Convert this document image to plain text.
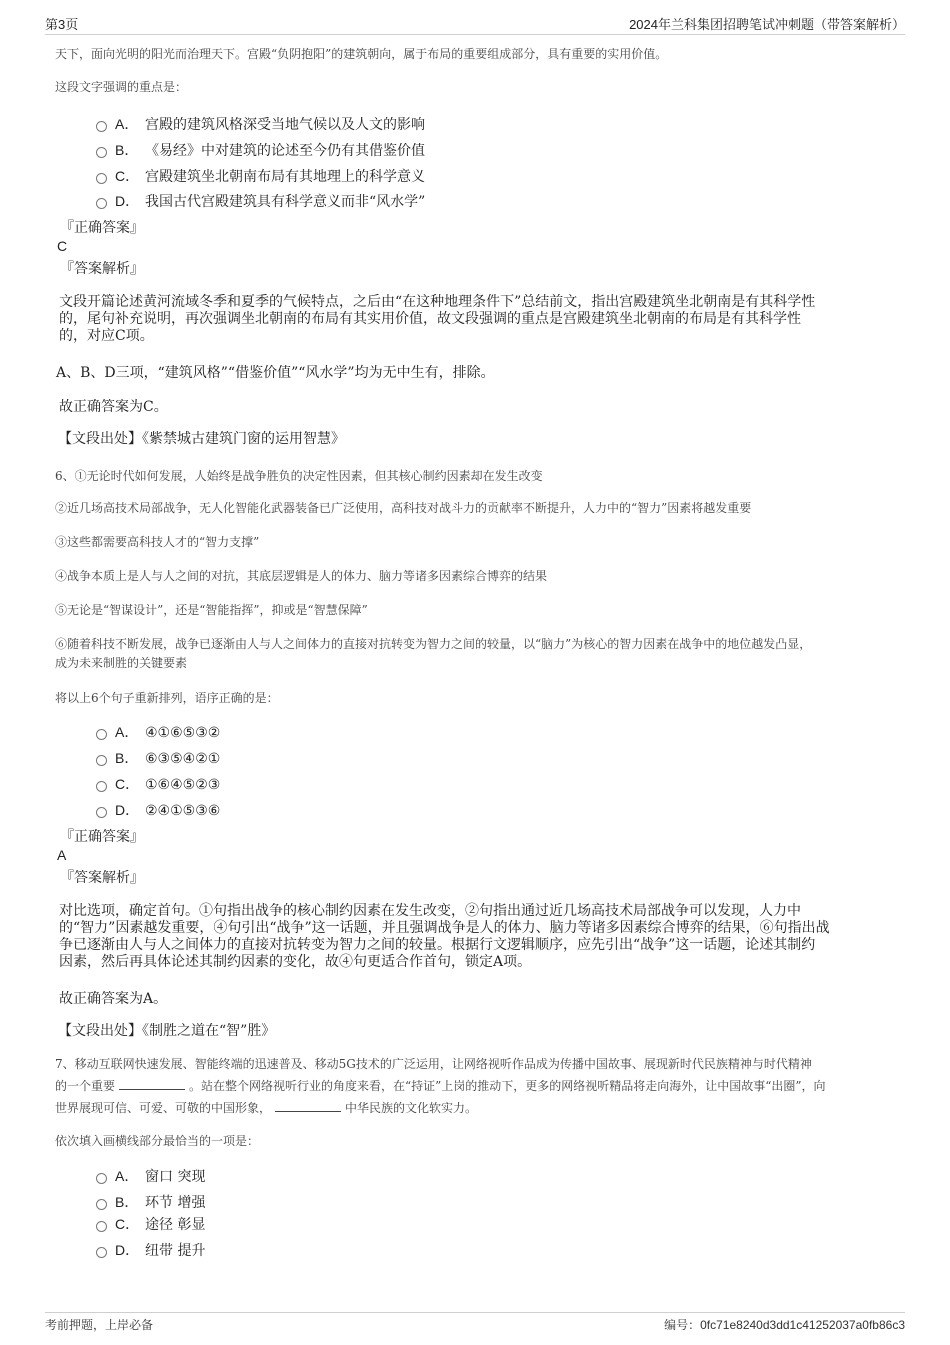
第3页	2024年兰科集团招聘笔试冲刺题（带答案解析）
天下，面向光明的阳光而治理天下。宫殿“负阴抱阳”的建筑朝向，属于布局的重要组成部分，具有重要的实用价值。
这段文字强调的重点是：
A． 宫殿的建筑风格深受当地气候以及人文的影响
B． 《易经》中对建筑的论述至今仍有其借鉴价值
C． 宫殿建筑坐北朝南布局有其地理上的科学意义
D． 我国古代宫殿建筑具有科学意义而非“风水学”
『正确答案』
C
『答案解析』
文段开篇论述黄河流域冬季和夏季的气候特点，之后由“在这种地理条件下”总结前文，指出宫殿建筑坐北朝南是有其科学性
的，尾句补充说明，再次强调坐北朝南的布局有其实用价值，故文段强调的重点是宫殿建筑坐北朝南的布局是有其科学性
的，对应C项。
A、B、D三项，“建筑风格”“借鉴价值”“风水学”均为无中生有，排除。
故正确答案为C。
【文段出处】《紫禁城古建筑门窗的运用智慧》
6、①无论时代如何发展，人始终是战争胜负的决定性因素，但其核心制约因素却在发生改变
②近几场高技术局部战争，无人化智能化武器装备已广泛使用，高科技对战斗力的贡献率不断提升，人力中的“智力”因素将越发重要
③这些都需要高科技人才的“智力支撑”
④战争本质上是人与人之间的对抗，其底层逻辑是人的体力、脑力等诸多因素综合博弈的结果
⑤无论是“智谋设计”，还是“智能指挥”，抑或是“智慧保障”
⑥随着科技不断发展，战争已逐渐由人与人之间体力的直接对抗转变为智力之间的较量，以“脑力”为核心的智力因素在战争中的地位越发凸显，
成为未来制胜的关键要素
将以上6个句子重新排列，语序正确的是：
A． ④①⑥⑤③②
B． ⑥③⑤④②①
C． ①⑥④⑤②③
D． ②④①⑤③⑥
『正确答案』
A
『答案解析』
对比选项，确定首句。①句指出战争的核心制约因素在发生改变，②句指出通过近几场高技术局部战争可以发现，人力中
的“智力”因素越发重要，④句引出“战争”这一话题，并且强调战争是人的体力、脑力等诸多因素综合博弈的结果，⑥句指出战
争已逐渐由人与人之间体力的直接对抗转变为智力之间的较量。根据行文逻辑顺序，应先引出“战争”这一话题，论述其制约
因素，然后再具体论述其制约因素的变化，故④句更适合作首句，锁定A项。
故正确答案为A。
【文段出处】《制胜之道在“智”胜》
7、移动互联网快速发展、智能终端的迅速普及、移动5G技术的广泛运用，让网络视听作品成为传播中国故事、展现新时代民族精神与时代精神
的一个重要	。站在整个网络视听行业的角度来看，在“持证”上岗的推动下，更多的网络视听精品将走向海外，让中国故事“出圈”，向
世界展现可信、可爱、可敬的中国形象，	中华民族的文化软实力。
依次填入画横线部分最恰当的一项是：
A． 窗口 突现
B． 环节 增强
C． 途径 彰显
D． 纽带 提升
考前押题，上岸必备	编号：0fc71e8240d3dd1c41252037a0fb86c3
